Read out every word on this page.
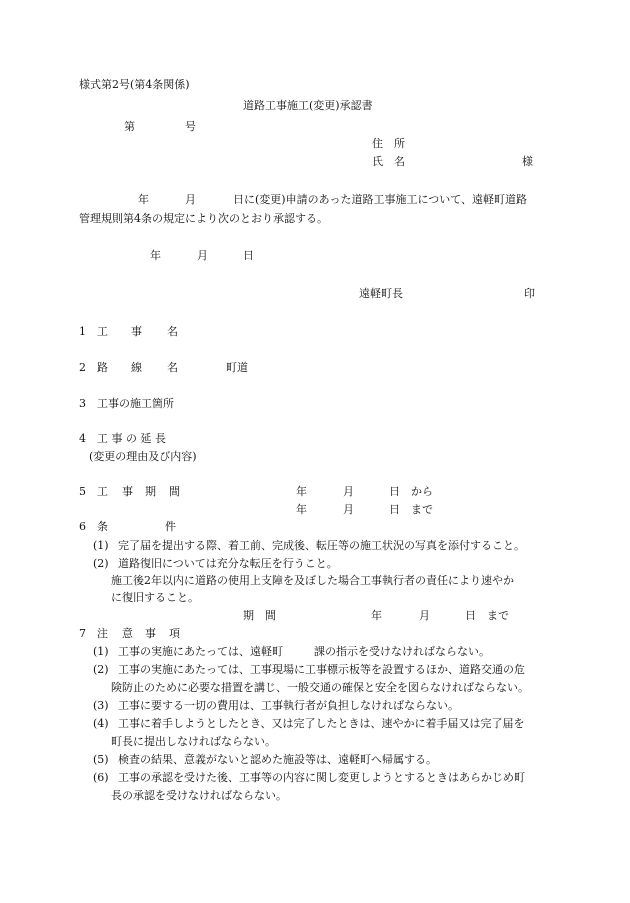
様式第2号(第4条関係)
道路工事施工(変更)承認書
第	号
住　所
氏　名	様
年	月	日に(変更)申請のあった道路工事施工について、遠軽町道路
管理規則第4条の規定により次のとおり承認する。
年	月	日
遠軽町長	印
1 工 事 名
2 路 線 名	町道
3 工事の施工箇所
4 工 事 の 延 長
(変更の理由及び内容)
5 工 事 期 間	年	月	日 から
年	月	日 まで
6 条	件
(1) 完了届を提出する際、着工前、完成後、転圧等の施工状況の写真を添付すること。
(2) 道路復旧については充分な転圧を行うこと。
施工後2年以内に道路の使用上支障を及ぼした場合工事執行者の責任により速やか
に復旧すること。
期　間	年	月	日　まで
7 注 意 事 項
(1) 工事の実施にあたっては、遠軽町	課の指示を受けなければならない。
(2) 工事の実施にあたっては、工事現場に工事標示板等を設置するほか、道路交通の危
険防止のために必要な措置を講じ、一般交通の確保と安全を図らなければならない。
(3) 工事に要する一切の費用は、工事執行者が負担しなければならない。
(4) 工事に着手しようとしたとき、又は完了したときは、速やかに着手届又は完了届を
町長に提出しなければならない。
(5) 検査の結果、意義がないと認めた施設等は、遠軽町へ帰属する。
(6) 工事の承認を受けた後、工事等の内容に関し変更しようとするときはあらかじめ町
長の承認を受けなければならない。
